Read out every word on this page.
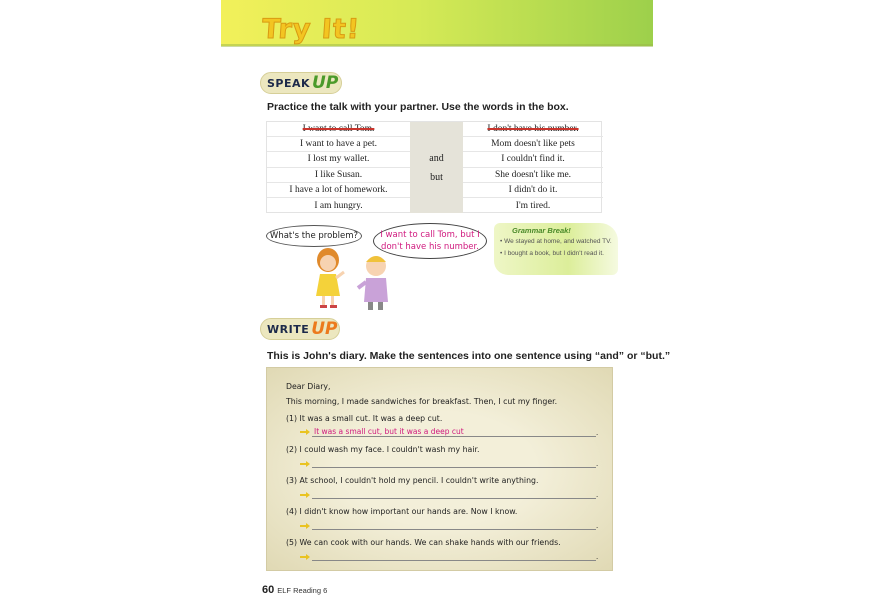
Try It!
SPEAK UP
Practice the talk with your partner. Use the words in the box.
I want to call Tom.
I want to have a pet.
I lost my wallet.
I like Susan.
I have a lot of homework.
I am hungry.
and
but
I don't have his number.
Mom doesn't like pets
I couldn't find it.
She doesn't like me.
I didn't do it.
I'm tired.
What's the problem?	I want to call Tom, but I
don't have his number.
Grammar Break!
• We stayed at home, and watched TV.
• I bought a book, but I didn't read it.
WRITE UP
This is John's diary. Make the sentences into one sentence using “and” or “but.”
Dear Diary,
This morning, I made sandwiches for breakfast. Then, I cut my finger.
(1) It was a small cut. It was a deep cut.
It was a small cut, but it was a deep cut	.
(2) I could wash my face. I couldn't wash my hair.
.
(3) At school, I couldn't hold my pencil. I couldn't write anything.
.
(4) I didn't know how important our hands are. Now I know.
.
(5) We can cook with our hands. We can shake hands with our friends.
.
60 ELF Reading 6
